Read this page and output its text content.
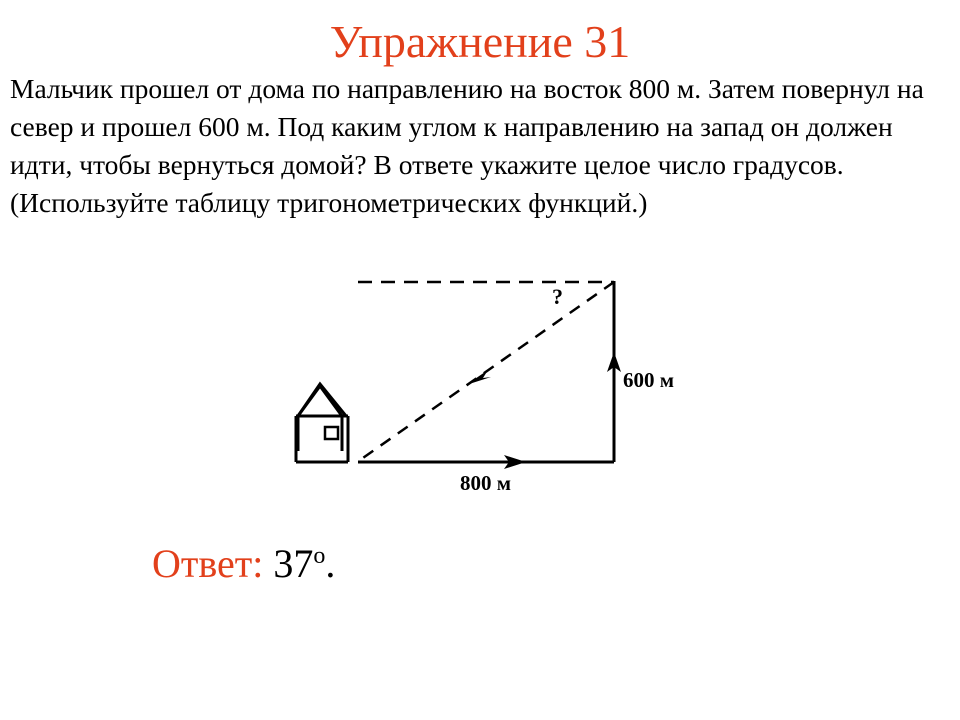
Упражнение 31

Мальчик прошел от дома по направлению на восток 800 м. Затем повернул на север и прошел 600 м. Под каким углом к направлению на запад он должен идти, чтобы вернуться домой? В ответе укажите целое число градусов. (Используйте таблицу тригонометрических функций.)

?
600 м
800 м
Ответ: 37$^o$.
